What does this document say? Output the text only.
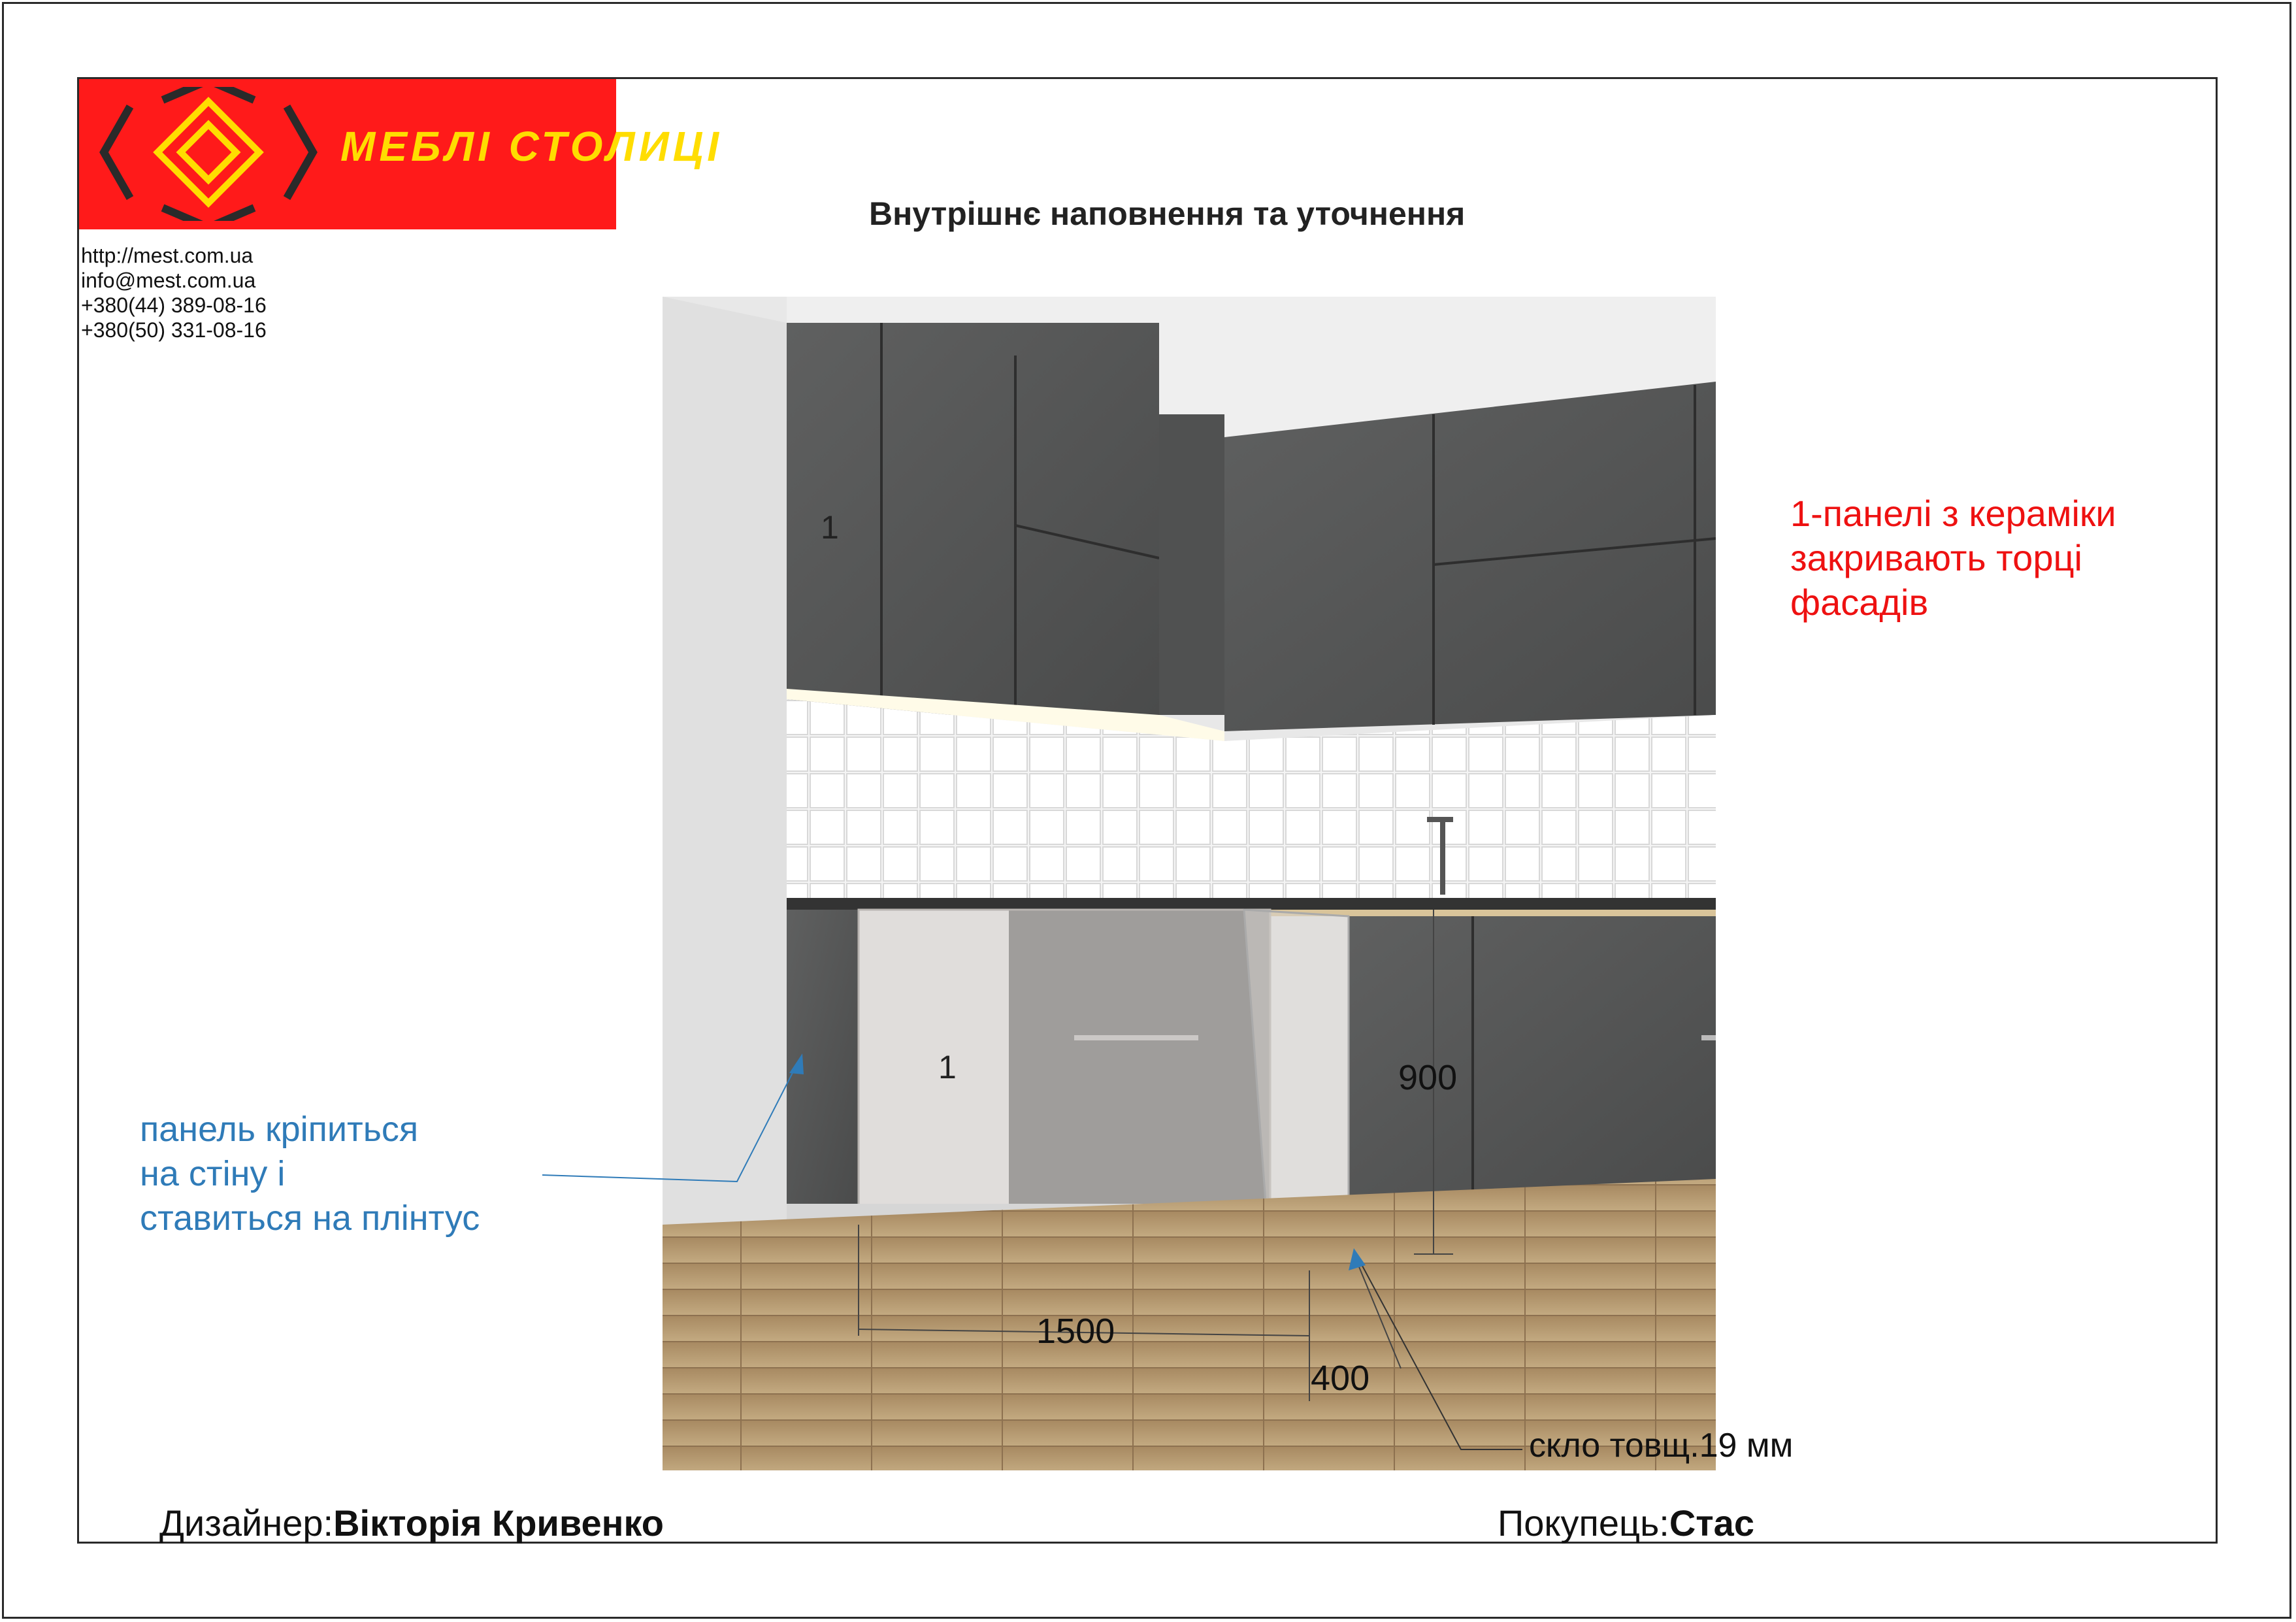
МЕБЛІ СТОЛИЦІ
http://mest.com.ua
info@mest.com.ua
+380(44) 389-08-16
+380(50) 331-08-16
Внутрішнє наповнення та уточнення
1
1	900
1500
400
1-панелі з кераміки
закривають торці
фасадів
панель кріпиться
на стіну і
ставиться на плінтус
скло товщ.19 мм
Дизайнер:Вікторія Кривенко	Покупець:Стас
